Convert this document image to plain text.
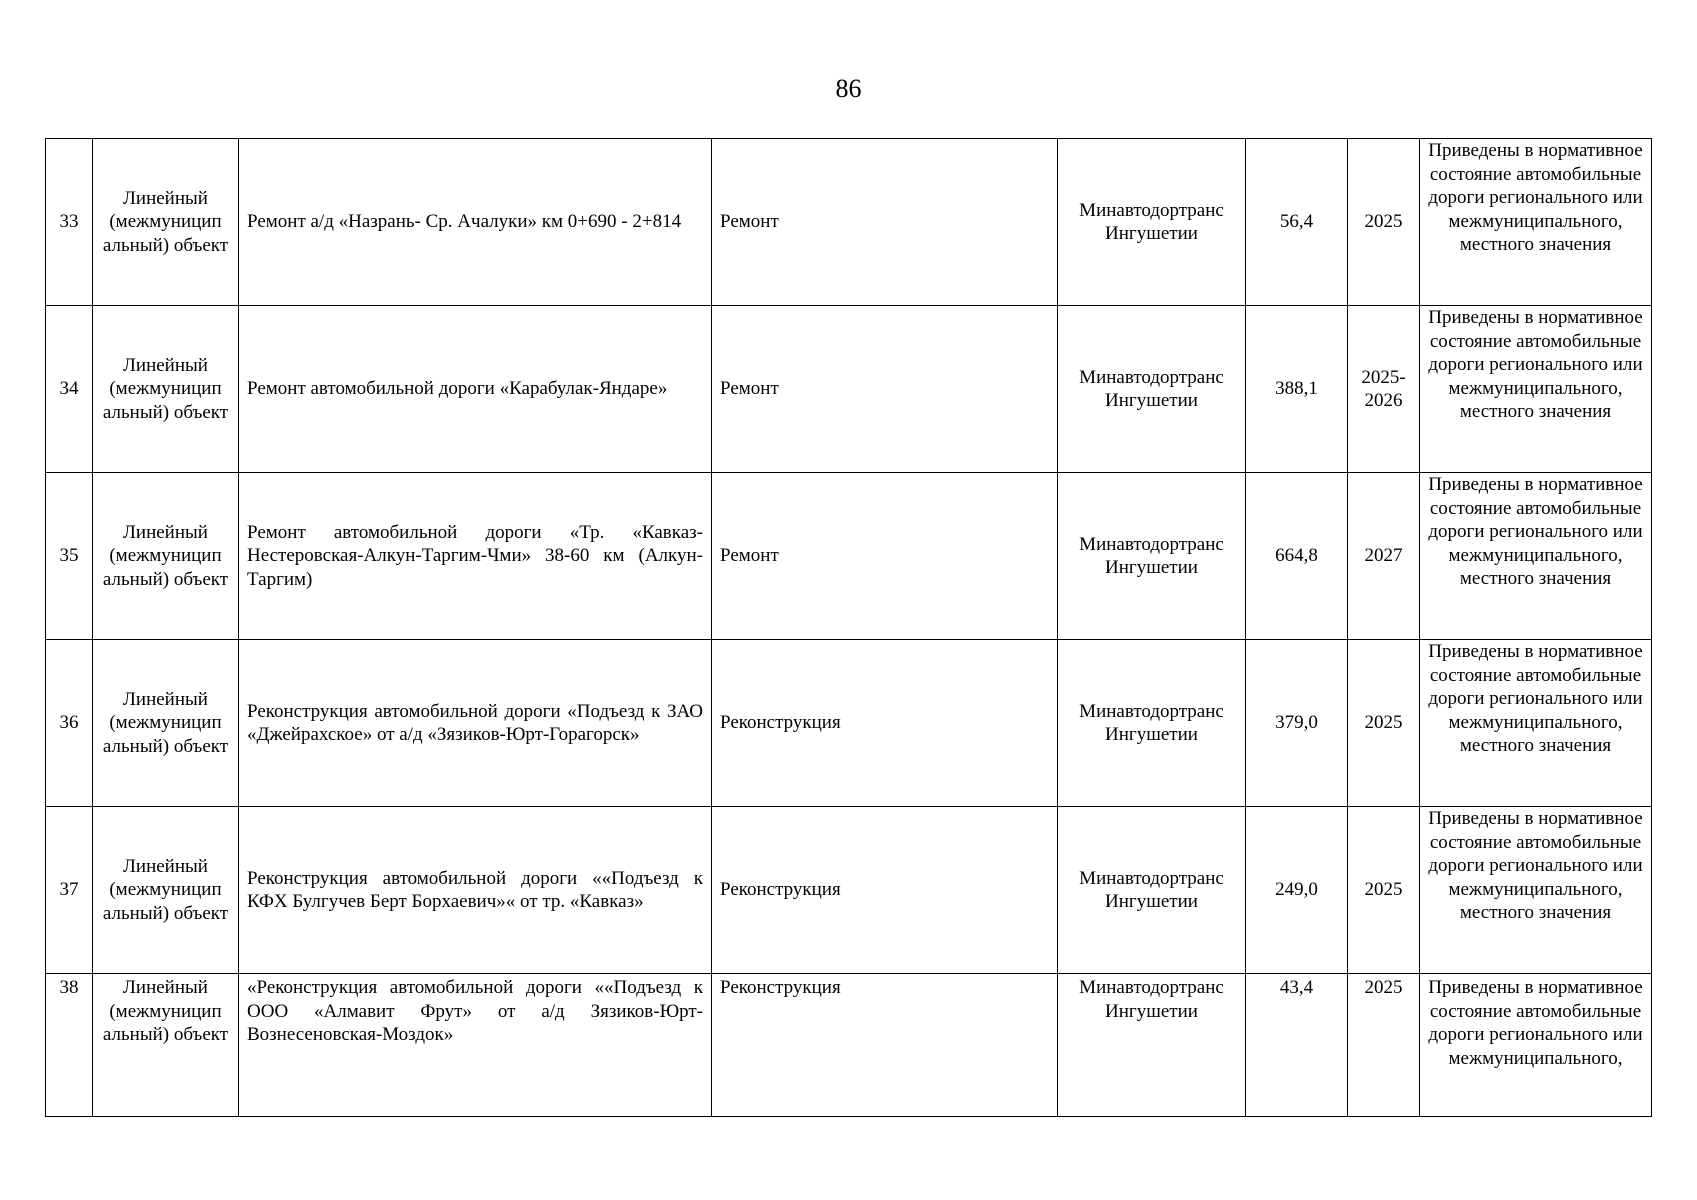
86
33	Линейный (межмуницип альный) объект	Ремонт а/д «Назрань- Ср. Ачалуки» км 0+690 - 2+814	Ремонт	Минавтодортранс Ингушетии	56,4	2025	Приведены в нормативное состояние автомобильные дороги регионального или межмуниципального, местного значения
34	Линейный (межмуницип альный) объект	Ремонт автомобильной дороги «Карабулак-Яндаре»	Ремонт	Минавтодортранс Ингушетии	388,1	2025-2026	Приведены в нормативное состояние автомобильные дороги регионального или межмуниципального, местного значения
35	Линейный (межмуницип альный) объект	Ремонт автомобильной дороги «Тр. «Кавказ-Нестеровская-Алкун-Таргим-Чми» 38-60 км (Алкун-Таргим)	Ремонт	Минавтодортранс Ингушетии	664,8	2027	Приведены в нормативное состояние автомобильные дороги регионального или межмуниципального, местного значения
36	Линейный (межмуницип альный) объект	Реконструкция автомобильной дороги «Подъезд к ЗАО «Джейрахское» от а/д «Зязиков-Юрт-Горагорск»	Реконструкция	Минавтодортранс Ингушетии	379,0	2025	Приведены в нормативное состояние автомобильные дороги регионального или межмуниципального, местного значения
37	Линейный (межмуницип альный) объект	Реконструкция автомобильной дороги ««Подъезд к КФХ Булгучев Берт Борхаевич»« от тр. «Кавказ»	Реконструкция	Минавтодортранс Ингушетии	249,0	2025	Приведены в нормативное состояние автомобильные дороги регионального или межмуниципального, местного значения
38	Линейный (межмуницип альный) объект	«Реконструкция автомобильной дороги ««Подъезд к ООО «Алмавит Фрут» от а/д Зязиков-Юрт-Вознесеновская-Моздок»	Реконструкция	Минавтодортранс Ингушетии	43,4	2025	Приведены в нормативное состояние автомобильные дороги регионального или межмуниципального,
